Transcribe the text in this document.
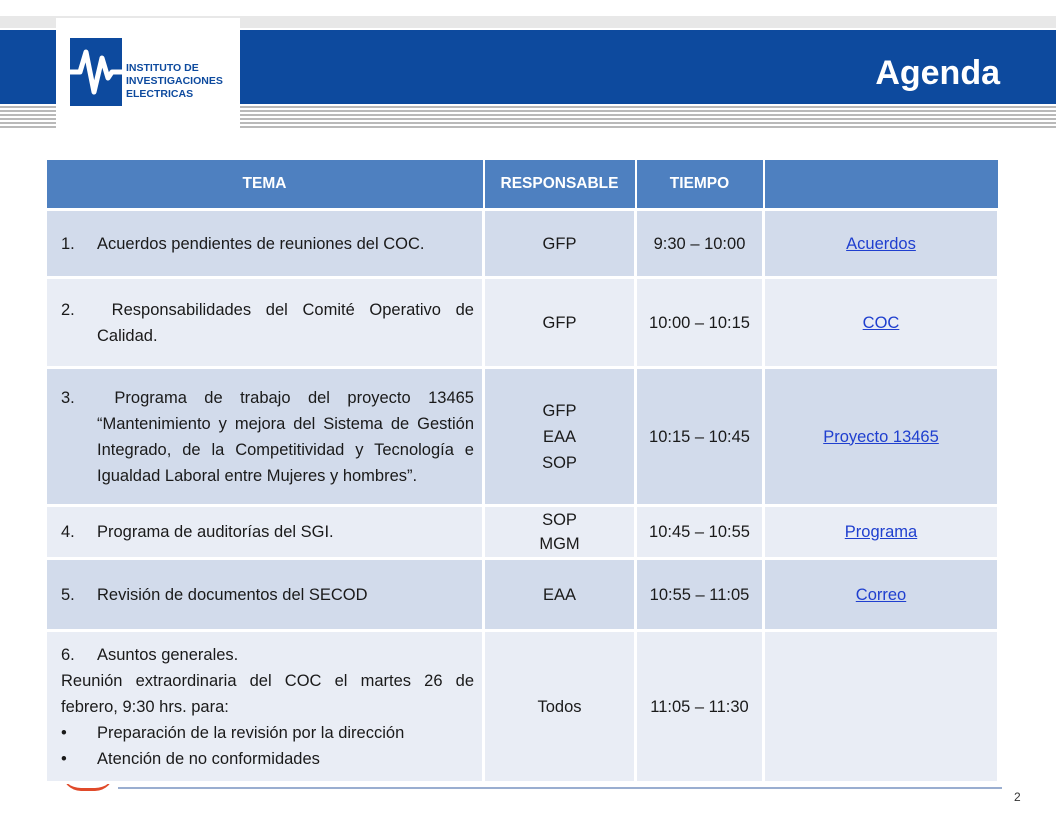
INSTITUTO DE
INVESTIGACIONES
ELECTRICAS
Agenda
2
TEMA	RESPONSABLE	TIEMPO	

1. Acuerdos pendientes de reuniones del COC.	GFP	9:30 – 10:00	Acuerdos

2. Responsabilidades del Comité Operativo de Calidad.	GFP	10:00 – 10:15	COC

3. Programa de trabajo del proyecto 13465 “Mantenimiento y mejora del Sistema de Gestión Integrado, de la Competitividad y Tecnología e Igualdad Laboral entre Mujeres y hombres”.	GFP
EAA
SOP	10:15 – 10:45	Proyecto 13465

4. Programa de auditorías del SGI.	SOP
MGM	10:45 – 10:55	Programa

5. Revisión de documentos del SECOD	EAA	10:55 – 11:05	Correo

6. Asuntos generales.
Reunión extraordinaria del COC el martes 26 de febrero, 9:30 hrs. para:
• Preparación de la revisión por la dirección
• Atención de no conformidades	Todos	11:05 – 11:30	
